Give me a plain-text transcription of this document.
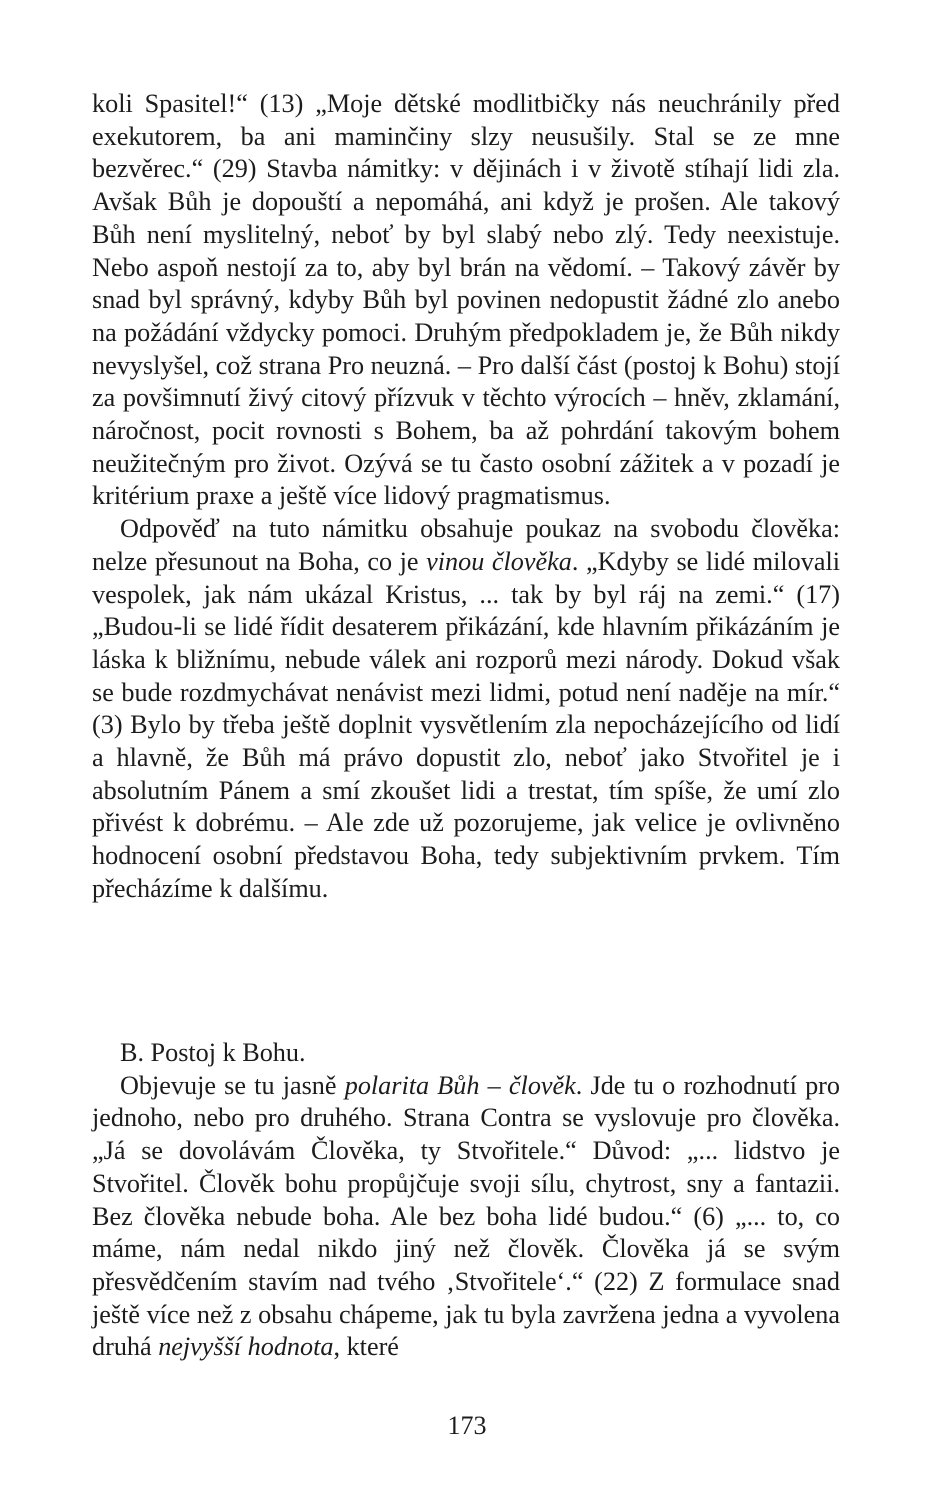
koli Spasitel!“ (13) „Moje dětské modlitbičky nás neuchránily před exekutorem, ba ani maminčiny slzy neusušily. Stal se ze mne bezvěrec.“ (29) Stavba námitky: v dějinách i v životě stíhají lidi zla. Avšak Bůh je dopouští a nepomáhá, ani když je prošen. Ale takový Bůh není myslitelný, neboť by byl slabý nebo zlý. Tedy neexistuje. Nebo aspoň nestojí za to, aby byl brán na vědomí. – Takový závěr by snad byl správný, kdyby Bůh byl povinen nedopustit žádné zlo anebo na požádání vždycky pomoci. Druhým předpokladem je, že Bůh nikdy nevyslyšel, což strana Pro neuzná. – Pro další část (postoj k Bohu) stojí za povšimnutí živý citový přízvuk v těchto výrocích – hněv, zklamání, náročnost, pocit rovnosti s Bohem, ba až pohrdání takovým bohem neužitečným pro život. Ozývá se tu často osobní zážitek a v pozadí je kritérium praxe a ještě více lidový pragmatismus.

Odpověď na tuto námitku obsahuje poukaz na svobodu člověka: nelze přesunout na Boha, co je vinou člověka. „Kdyby se lidé milovali vespolek, jak nám ukázal Kristus, ... tak by byl ráj na zemi.“ (17) „Budou-li se lidé řídit desaterem přikázání, kde hlavním přikázáním je láska k bližnímu, nebude válek ani rozporů mezi národy. Dokud však se bude rozdmychávat nenávist mezi lidmi, potud není naděje na mír.“ (3) Bylo by třeba ještě doplnit vysvětlením zla nepocházejícího od lidí a hlavně, že Bůh má právo dopustit zlo, neboť jako Stvořitel je i absolutním Pánem a smí zkoušet lidi a trestat, tím spíše, že umí zlo přivést k dobrému. – Ale zde už pozorujeme, jak velice je ovlivněno hodnocení osobní představou Boha, tedy subjektivním prvkem. Tím přecházíme k dalšímu.

B. Postoj k Bohu.

Objevuje se tu jasně polarita Bůh – člověk. Jde tu o rozhodnutí pro jednoho, nebo pro druhého. Strana Contra se vyslovuje pro člověka. „Já se dovolávám Člověka, ty Stvořitele.“ Důvod: „... lidstvo je Stvořitel. Člověk bohu propůjčuje svoji sílu, chytrost, sny a fantazii. Bez člověka nebude boha. Ale bez boha lidé budou.“ (6) „... to, co máme, nám nedal nikdo jiný než člověk. Člověka já se svým přesvědčením stavím nad tvého ‚Stvořitele‘.“ (22) Z formulace snad ještě více než z obsahu chápeme, jak tu byla zavržena jedna a vyvolena druhá nejvyšší hodnota, které

173
